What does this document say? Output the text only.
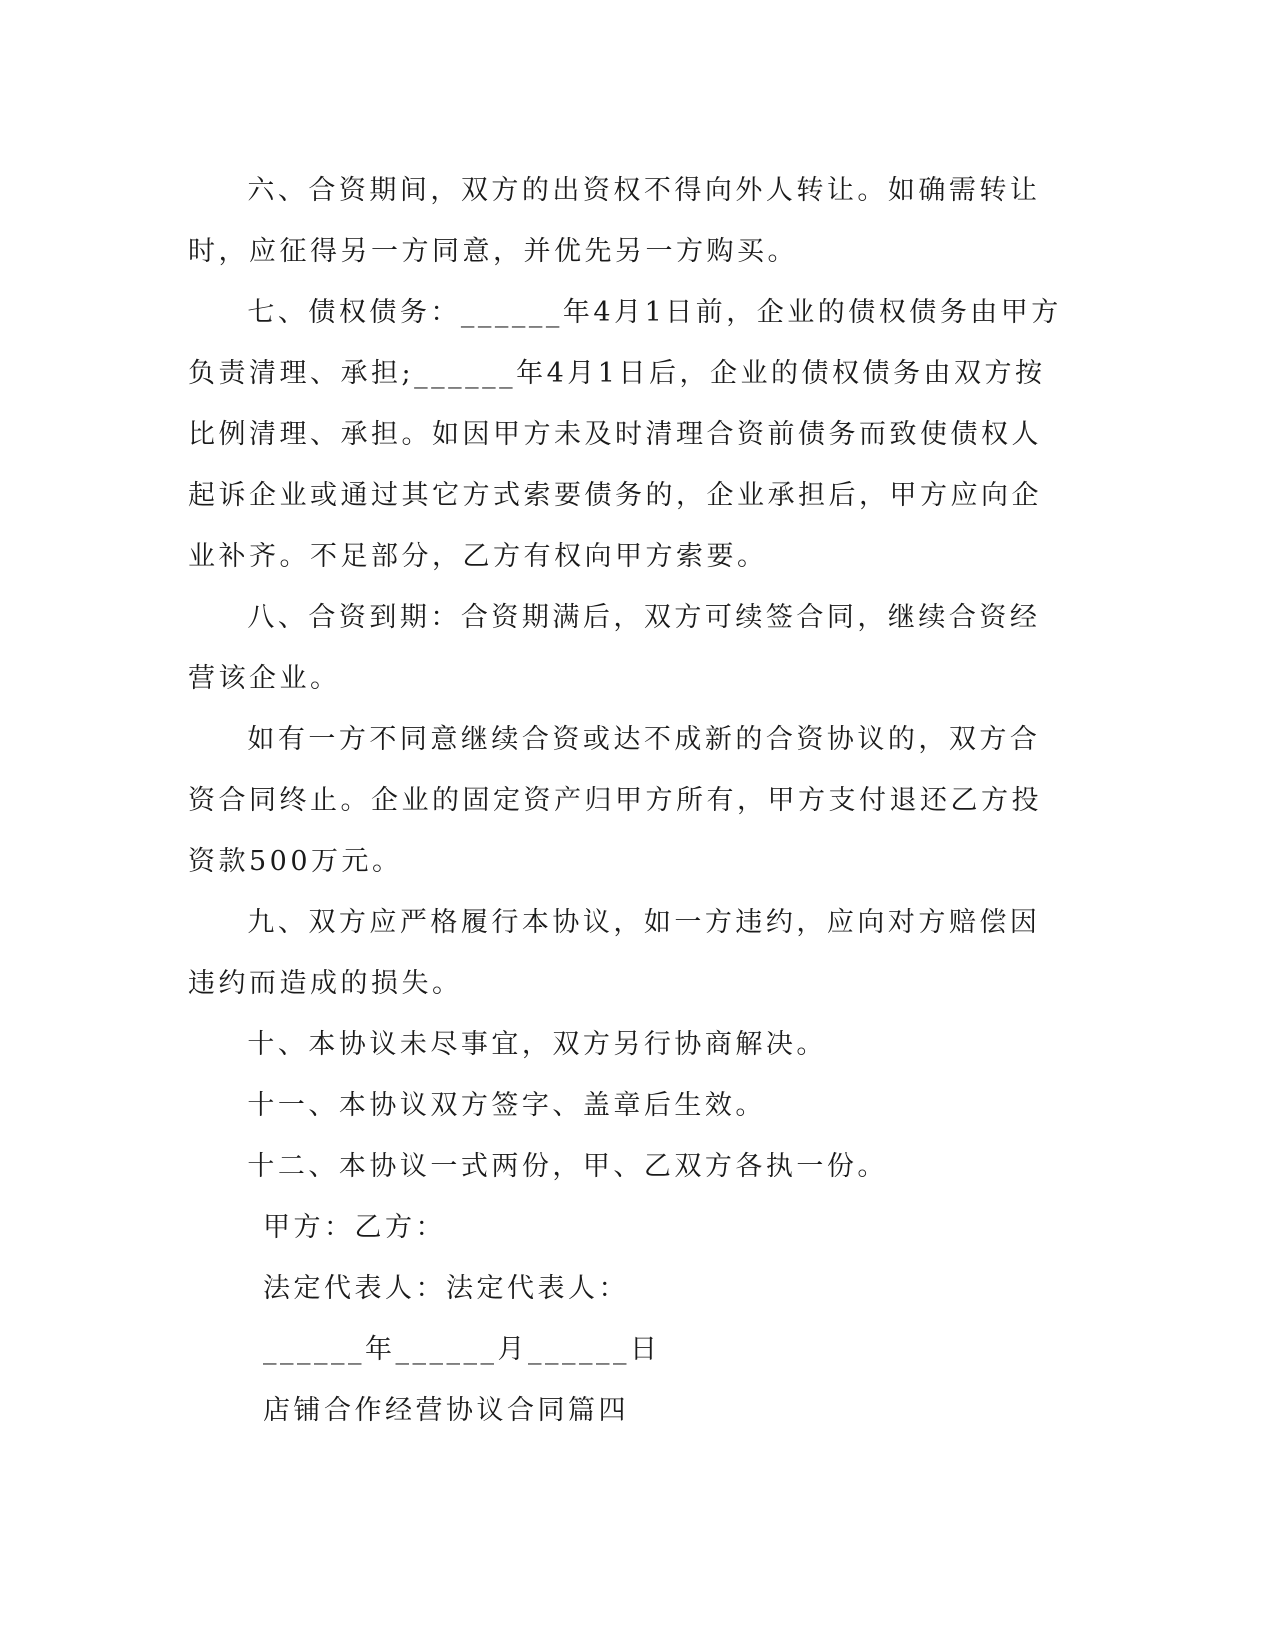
六、合资期间，双方的出资权不得向外人转让。如确需转让时，应征得另一方同意，并优先另一方购买。

七、债权债务：______年4月1日前，企业的债权债务由甲方负责清理、承担;______年4月1日后，企业的债权债务由双方按比例清理、承担。如因甲方未及时清理合资前债务而致使债权人起诉企业或通过其它方式索要债务的，企业承担后，甲方应向企业补齐。不足部分，乙方有权向甲方索要。

八、合资到期：合资期满后，双方可续签合同，继续合资经营该企业。

如有一方不同意继续合资或达不成新的合资协议的，双方合资合同终止。企业的固定资产归甲方所有，甲方支付退还乙方投资款500万元。

九、双方应严格履行本协议，如一方违约，应向对方赔偿因违约而造成的损失。

十、本协议未尽事宜，双方另行协商解决。

十一、本协议双方签字、盖章后生效。

十二、本协议一式两份，甲、乙双方各执一份。

甲方：乙方：

法定代表人：法定代表人：

______年______月______日

店铺合作经营协议合同篇四
